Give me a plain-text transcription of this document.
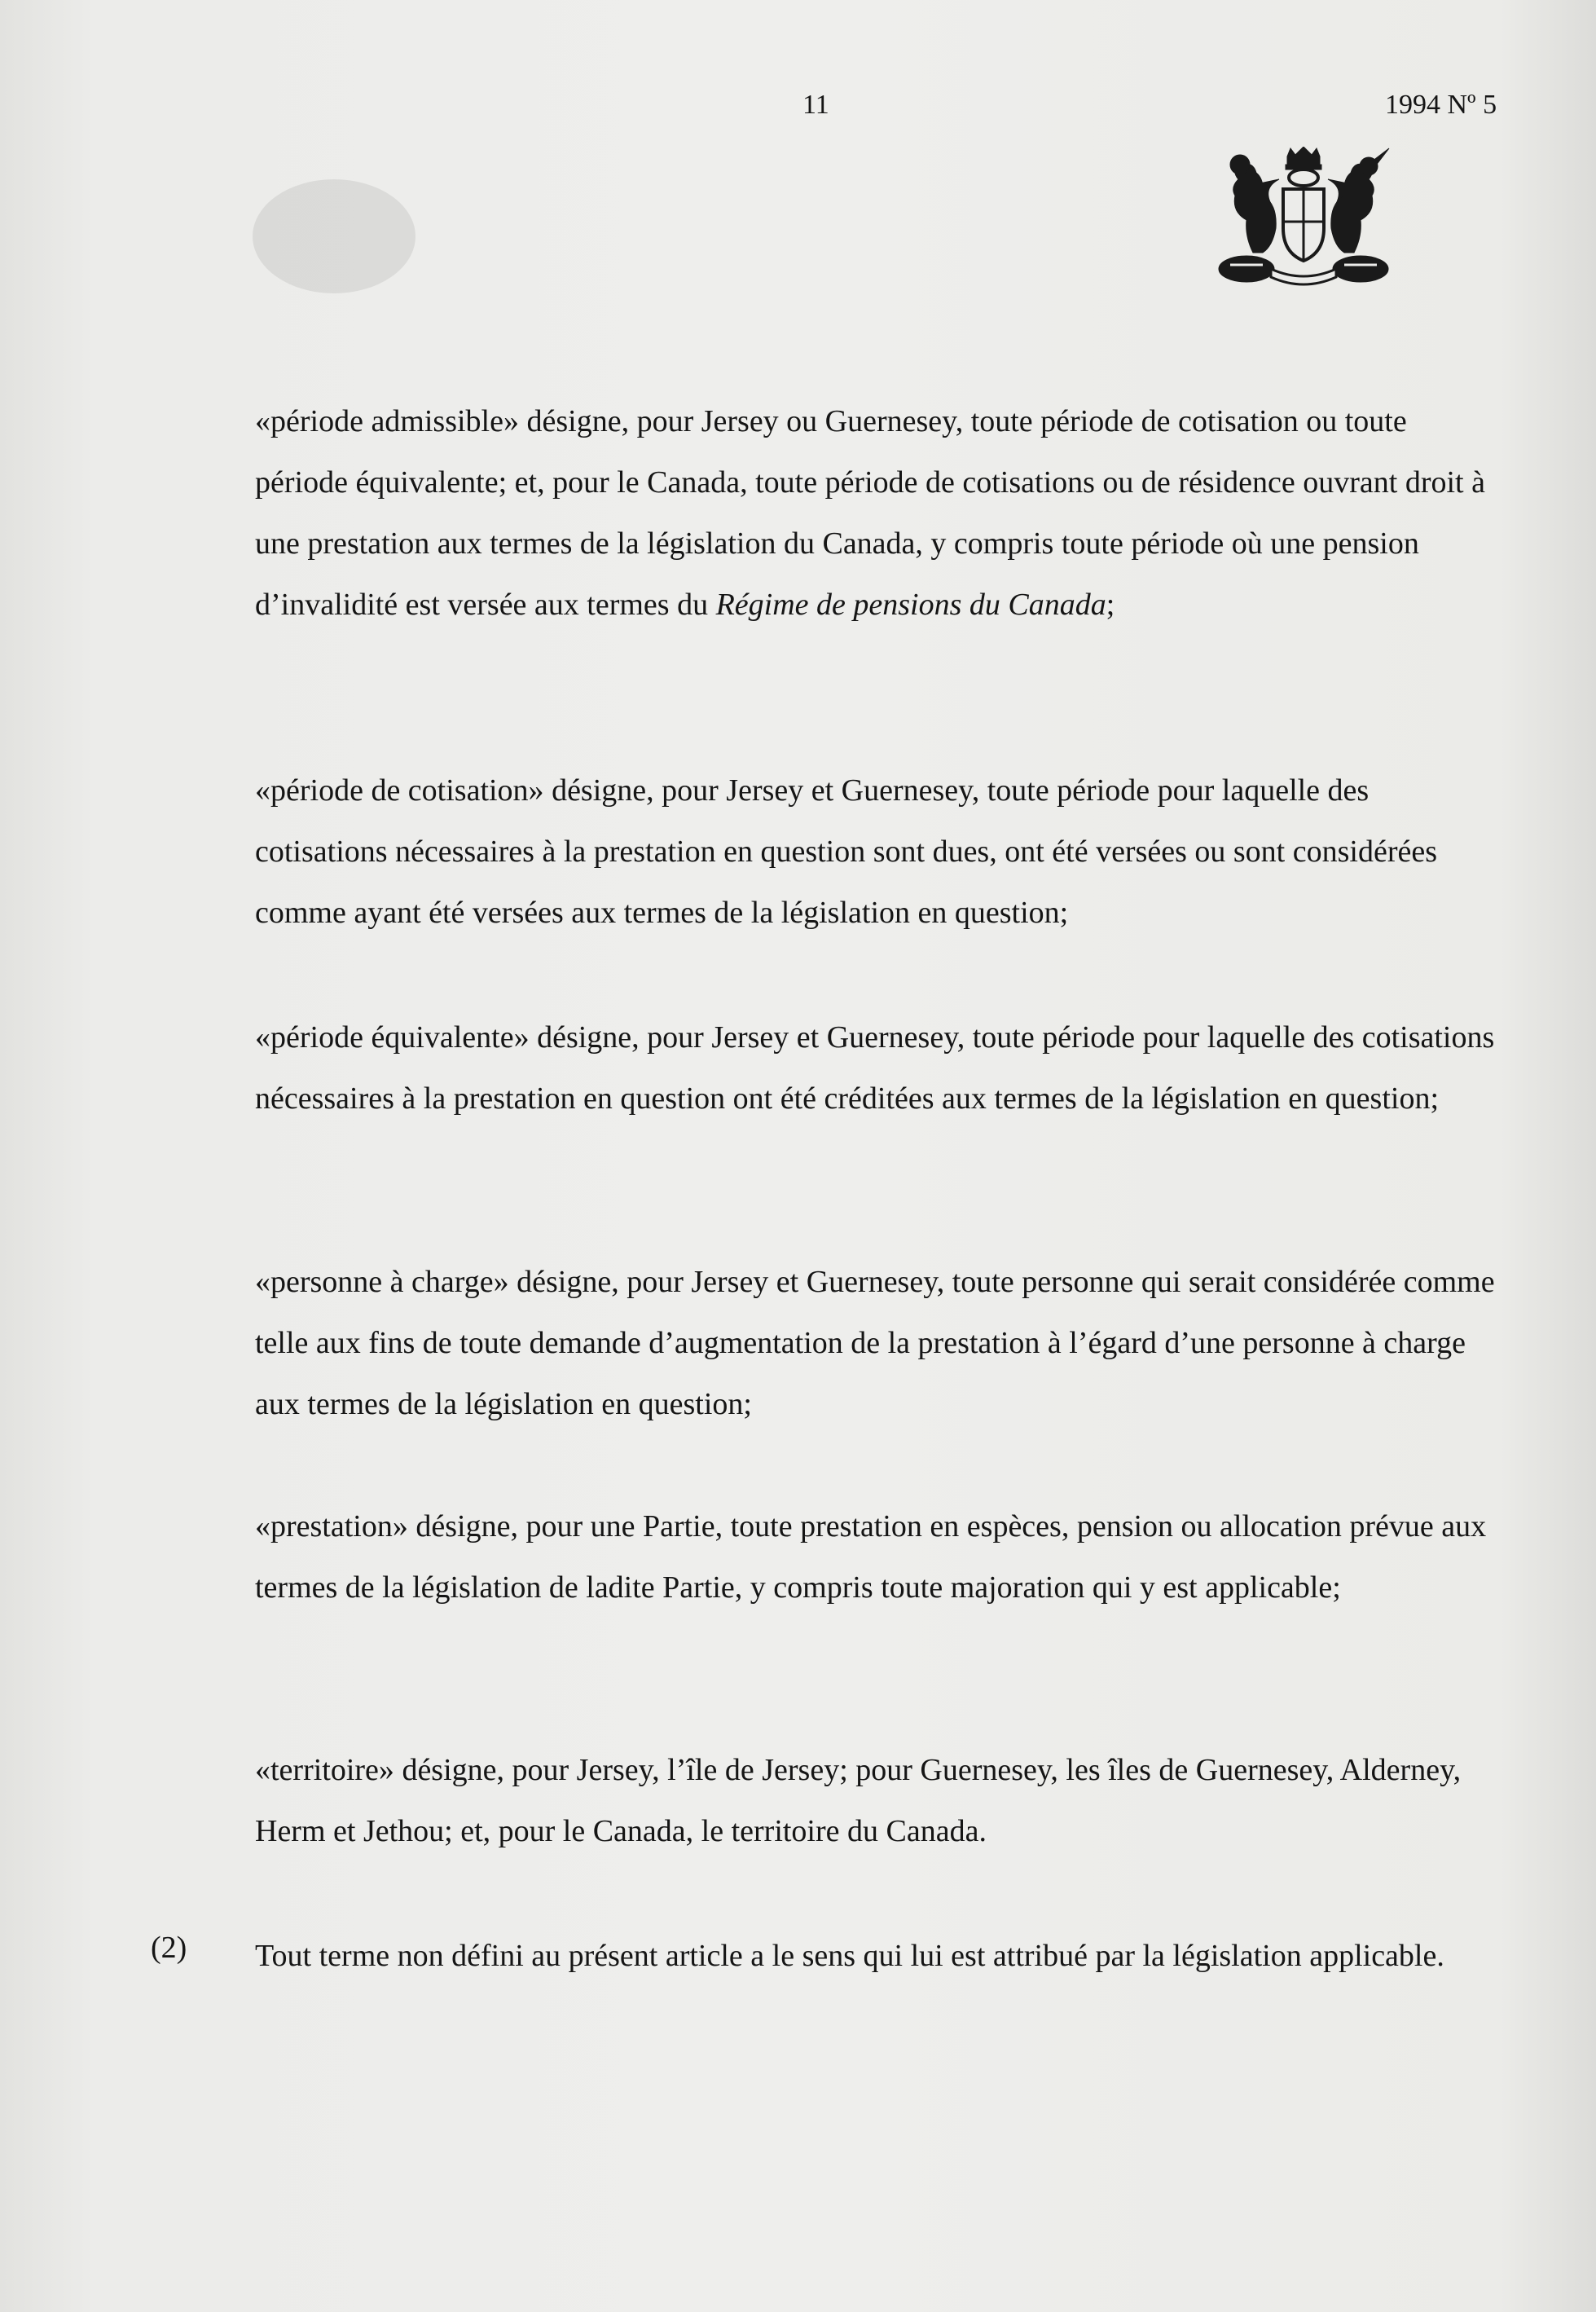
11	1994 Nº 5

«période admissible» désigne, pour Jersey ou Guernesey, toute période de cotisation ou toute période équivalente; et, pour le Canada, toute période de cotisations ou de résidence ouvrant droit à une prestation aux termes de la législation du Canada, y compris toute période où une pension d’invalidité est versée aux termes du Régime de pensions du Canada;

«période de cotisation» désigne, pour Jersey et Guernesey, toute période pour laquelle des cotisations nécessaires à la prestation en question sont dues, ont été versées ou sont considérées comme ayant été versées aux termes de la législation en question;

«période équivalente» désigne, pour Jersey et Guernesey, toute période pour laquelle des cotisations nécessaires à la prestation en question ont été créditées aux termes de la législation en question;

«personne à charge» désigne, pour Jersey et Guernesey, toute personne qui serait considérée comme telle aux fins de toute demande d’augmentation de la prestation à l’égard d’une personne à charge aux termes de la législation en question;

«prestation» désigne, pour une Partie, toute prestation en espèces, pension ou allocation prévue aux termes de la législation de ladite Partie, y compris toute majoration qui y est applicable;

«territoire» désigne, pour Jersey, l’île de Jersey; pour Guernesey, les îles de Guernesey, Alderney, Herm et Jethou; et, pour le Canada, le territoire du Canada.

(2) Tout terme non défini au présent article a le sens qui lui est attribué par la législation applicable.
